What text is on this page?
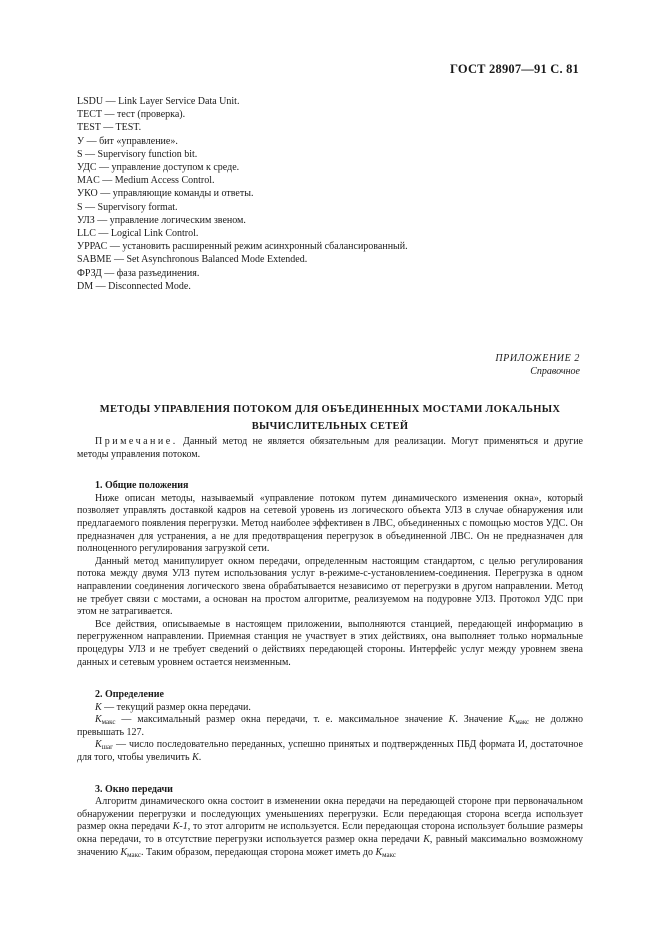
ГОСТ 28907—91 С. 81
LSDU — Link Layer Service Data Unit.
ТЕСТ — тест (проверка).
TEST — TEST.
У — бит «управление».
S — Supervisory function bit.
УДС — управление доступом к среде.
MAC — Medium Access Control.
УКО — управляющие команды и ответы.
S — Supervisory format.
УЛЗ — управление логическим звеном.
LLC — Logical Link Control.
УРРАС — установить расширенный режим асинхронный сбалансированный.
SABME — Set Asynchronous Balanced Mode Extended.
ФРЗД — фаза разъединения.
DM — Disconnected Mode.
ПРИЛОЖЕНИЕ 2
Справочное
МЕТОДЫ УПРАВЛЕНИЯ ПОТОКОМ ДЛЯ ОБЪЕДИНЕННЫХ МОСТАМИ ЛОКАЛЬНЫХ
ВЫЧИСЛИТЕЛЬНЫХ СЕТЕЙ

Примечание. Данный метод не является обязательным для реализации. Могут применяться и другие методы управления потоком.

1. Общие положения

Ниже описан методы, называемый «управление потоком путем динамического изменения окна», который позволяет управлять доставкой кадров на сетевой уровень из логического объекта УЛЗ в случае обнаружения или предлагаемого появления перегрузки. Метод наиболее эффективен в ЛВС, объединенных с помощью мостов УДС. Он предназначен для устранения, а не для предотвращения перегрузок в объединенной ЛВС. Он не предназначен для полноценного регулирования загрузкой сети.

Данный метод манипулирует окном передачи, определенным настоящим стандартом, с целью регулирования потока между двумя УЛЗ путем использования услуг в-режиме-с-установлением-соединения. Перегрузка в одном направлении соединения логического звена обрабатывается независимо от перегрузки в другом направлении. Метод не требует связи с мостами, а основан на простом алгоритме, реализуемом на подуровне УЛЗ. Протокол УДС при этом не затрагивается.

Все действия, описываемые в настоящем приложении, выполняются станцией, передающей информацию в перегруженном направлении. Приемная станция не участвует в этих действиях, она выполняет только нормальные процедуры УЛЗ и не требует сведений о действиях передающей стороны. Интерфейс услуг между уровнем звена данных и сетевым уровнем остается неизменным.

2. Определение

K — текущий размер окна передачи.

$K_{макс}$ — максимальный размер окна передачи, т. е. максимальное значение K. Значение $K_{макс}$ не должно превышать 127.

$K_{шаг}$ — число последовательно переданных, успешно принятых и подтвержденных ПБД формата И, достаточное для того, чтобы увеличить K.

3. Окно передачи

Алгоритм динамического окна состоит в изменении окна передачи на передающей стороне при первоначальном обнаружении перегрузки и последующих уменьшениях перегрузки. Если передающая сторона всегда использует размер окна передачи K-1, то этот алгоритм не используется. Если передающая сторона использует большие размеры окна передачи, то в отсутствие перегрузки используется размер окна передачи K, равный максимально возможному значению $K_{макс}$. Таким образом, передающая сторона может иметь до $K_{макс}$
